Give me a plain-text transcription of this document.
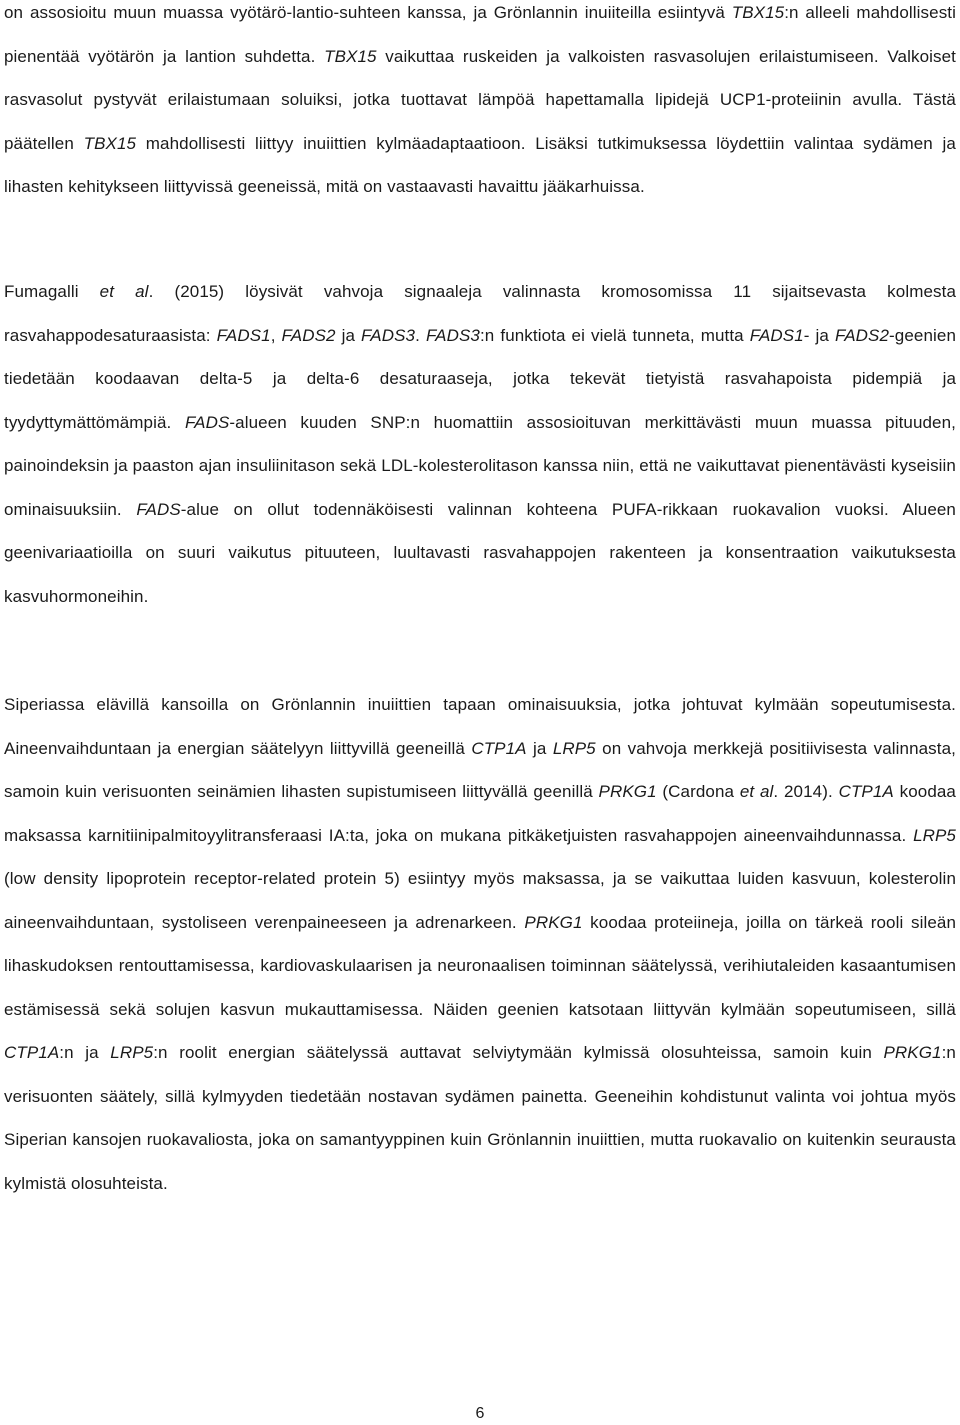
on assosioitu muun muassa vyötärö-lantio-suhteen kanssa, ja Grönlannin inuiiteilla esiintyvä TBX15:n alleeli mahdollisesti pienentää vyötärön ja lantion suhdetta. TBX15 vaikuttaa ruskeiden ja valkoisten rasvasolujen erilaistumiseen. Valkoiset rasvasolut pystyvät erilaistumaan soluiksi, jotka tuottavat lämpöä hapettamalla lipidejä UCP1-proteiinin avulla. Tästä päätellen TBX15 mahdollisesti liittyy inuiittien kylmäadaptaatioon. Lisäksi tutkimuksessa löydettiin valintaa sydämen ja lihasten kehitykseen liittyvissä geeneissä, mitä on vastaavasti havaittu jääkarhuissa.

Fumagalli et al. (2015) löysivät vahvoja signaaleja valinnasta kromosomissa 11 sijaitsevasta kolmesta rasvahappodesaturaasista: FADS1, FADS2 ja FADS3. FADS3:n funktiota ei vielä tunneta, mutta FADS1- ja FADS2-geenien tiedetään koodaavan delta-5 ja delta-6 desaturaaseja, jotka tekevät tietyistä rasvahapoista pidempiä ja tyydyttymättömämpiä. FADS-alueen kuuden SNP:n huomattiin assosioituvan merkittävästi muun muassa pituuden, painoindeksin ja paaston ajan insuliinitason sekä LDL-kolesterolitason kanssa niin, että ne vaikuttavat pienentävästi kyseisiin ominaisuuksiin. FADS-alue on ollut todennäköisesti valinnan kohteena PUFA-rikkaan ruokavalion vuoksi. Alueen geenivariaatioilla on suuri vaikutus pituuteen, luultavasti rasvahappojen rakenteen ja konsentraation vaikutuksesta kasvuhormoneihin.

Siperiassa elävillä kansoilla on Grönlannin inuiittien tapaan ominaisuuksia, jotka johtuvat kylmään sopeutumisesta. Aineenvaihduntaan ja energian säätelyyn liittyvillä geeneillä CTP1A ja LRP5 on vahvoja merkkejä positiivisesta valinnasta, samoin kuin verisuonten seinämien lihasten supistumiseen liittyvällä geenillä PRKG1 (Cardona et al. 2014). CTP1A koodaa maksassa karnitiinipalmitoyylitransferaasi IA:ta, joka on mukana pitkäketjuisten rasvahappojen aineenvaihdunnassa. LRP5 (low density lipoprotein receptor-related protein 5) esiintyy myös maksassa, ja se vaikuttaa luiden kasvuun, kolesterolin aineenvaihduntaan, systoliseen verenpaineeseen ja adrenarkeen. PRKG1 koodaa proteiineja, joilla on tärkeä rooli sileän lihaskudoksen rentouttamisessa, kardiovaskulaarisen ja neuronaalisen toiminnan säätelyssä, verihiutaleiden kasaantumisen estämisessä sekä solujen kasvun mukauttamisessa. Näiden geenien katsotaan liittyvän kylmään sopeutumiseen, sillä CTP1A:n ja LRP5:n roolit energian säätelyssä auttavat selviytymään kylmissä olosuhteissa, samoin kuin PRKG1:n verisuonten säätely, sillä kylmyyden tiedetään nostavan sydämen painetta. Geeneihin kohdistunut valinta voi johtua myös Siperian kansojen ruokavaliosta, joka on samantyyppinen kuin Grönlannin inuiittien, mutta ruokavalio on kuitenkin seurausta kylmistä olosuhteista.

6
